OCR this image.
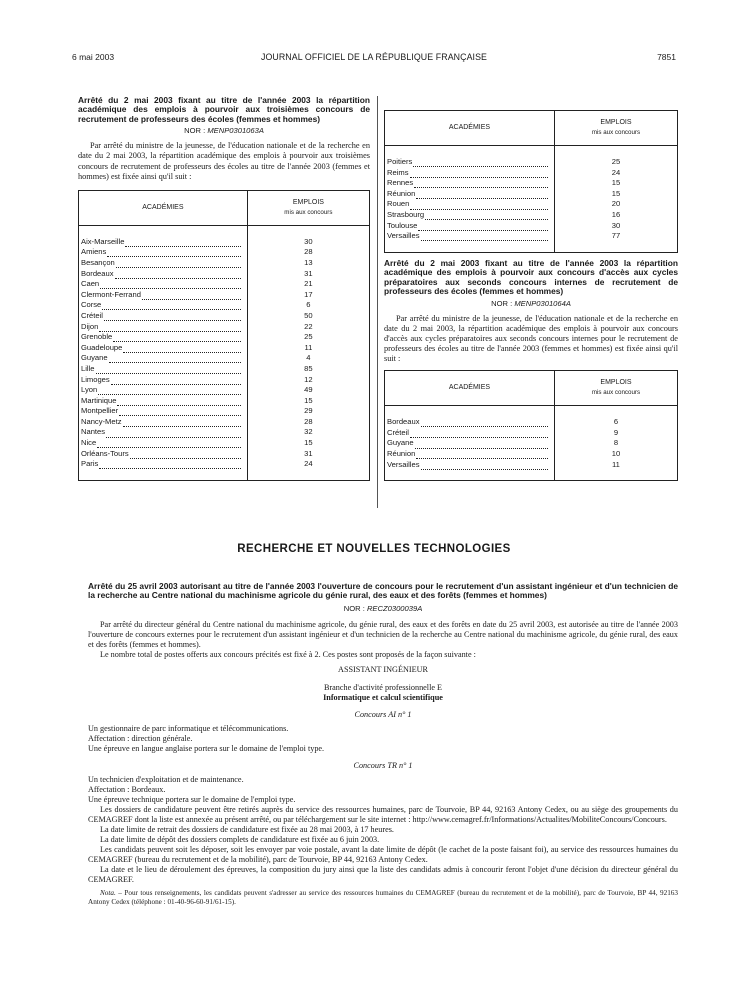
6 mai 2003	JOURNAL OFFICIEL DE LA RÉPUBLIQUE FRANÇAISE	7851

Arrêté du 2 mai 2003 fixant au titre de l'année 2003 la répartition académique des emplois à pourvoir aux troisièmes concours de recrutement de professeurs des écoles (femmes et hommes)

NOR : MENP0301063A

Par arrêté du ministre de la jeunesse, de l'éducation nationale et de la recherche en date du 2 mai 2003, la répartition académique des emplois à pourvoir aux troisièmes concours de recrutement de professeurs des écoles au titre de l'année 2003 (femmes et hommes) est fixée ainsi qu'il suit :

ACADÉMIES	EMPLOIS
mis aux concours

Aix-Marseille	30

Amiens	28

Besançon	13

Bordeaux	31

Caen	21

Clermont-Ferrand	17

Corse	6

Créteil	50

Dijon	22

Grenoble	25

Guadeloupe	11

Guyane	4

Lille	85

Limoges	12

Lyon	49

Martinique	15

Montpellier	29

Nancy-Metz	28

Nantes	32

Nice	15

Orléans-Tours	31

Paris	24

ACADÉMIES	EMPLOIS
mis aux concours

Poitiers	25

Reims	24

Rennes	15

Réunion	15

Rouen	20

Strasbourg	16

Toulouse	30

Versailles	77

Arrêté du 2 mai 2003 fixant au titre de l'année 2003 la répartition académique des emplois à pourvoir aux concours d'accès aux cycles préparatoires aux seconds concours internes de recrutement de professeurs des écoles (femmes et hommes)

NOR : MENP0301064A

Par arrêté du ministre de la jeunesse, de l'éducation nationale et de la recherche en date du 2 mai 2003, la répartition académique des emplois à pourvoir aux concours d'accès aux cycles préparatoires aux seconds concours internes pour le recrutement de professeurs des écoles au titre de l'année 2003 (femmes et hommes) est fixée ainsi qu'il suit :

ACADÉMIES	EMPLOIS
mis aux concours

Bordeaux	6

Créteil	9

Guyane	8

Réunion	10

Versailles	11

RECHERCHE ET NOUVELLES TECHNOLOGIES

Arrêté du 25 avril 2003 autorisant au titre de l'année 2003 l'ouverture de concours pour le recrutement d'un assistant ingénieur et d'un technicien de la recherche au Centre national du machinisme agricole du génie rural, des eaux et des forêts (femmes et hommes)

NOR : RECZ0300039A

Par arrêté du directeur général du Centre national du machinisme agricole, du génie rural, des eaux et des forêts en date du 25 avril 2003, est autorisée au titre de l'année 2003 l'ouverture de concours externes pour le recrutement d'un assistant ingénieur et d'un technicien de la recherche au Centre national du machinisme agricole, du génie rural, des eaux et des forêts (femmes et hommes).

Le nombre total de postes offerts aux concours précités est fixé à 2. Ces postes sont proposés de la façon suivante :

ASSISTANT INGÉNIEUR
Branche d'activité professionnelle E
Informatique et calcul scientifique
Concours AI n° 1

Un gestionnaire de parc informatique et télécommunications.

Affectation : direction générale.

Une épreuve en langue anglaise portera sur le domaine de l'emploi type.

Concours TR n° 1

Un technicien d'exploitation et de maintenance.

Affectation : Bordeaux.

Une épreuve technique portera sur le domaine de l'emploi type.

Les dossiers de candidature peuvent être retirés auprès du service des ressources humaines, parc de Tourvoie, BP 44, 92163 Antony Cedex, ou au siège des groupements du CEMAGREF dont la liste est annexée au présent arrêté, ou par téléchargement sur le site internet : http://www.cemagref.fr/Informations/Actualites/MobiliteConcours/Concours.

La date limite de retrait des dossiers de candidature est fixée au 28 mai 2003, à 17 heures.

La date limite de dépôt des dossiers complets de candidature est fixée au 6 juin 2003.

Les candidats peuvent soit les déposer, soit les envoyer par voie postale, avant la date limite de dépôt (le cachet de la poste faisant foi), au service des ressources humaines du CEMAGREF (bureau du recrutement et de la mobilité), parc de Tourvoie, BP 44, 92163 Antony Cedex.

La date et le lieu de déroulement des épreuves, la composition du jury ainsi que la liste des candidats admis à concourir feront l'objet d'une décision du directeur général du CEMAGREF.

Nota. – Pour tous renseignements, les candidats peuvent s'adresser au service des ressources humaines du CEMAGREF (bureau du recrutement et de la mobilité), parc de Tourvoie, BP 44, 92163 Antony Cedex (téléphone : 01-40-96-60-91/61-15).
